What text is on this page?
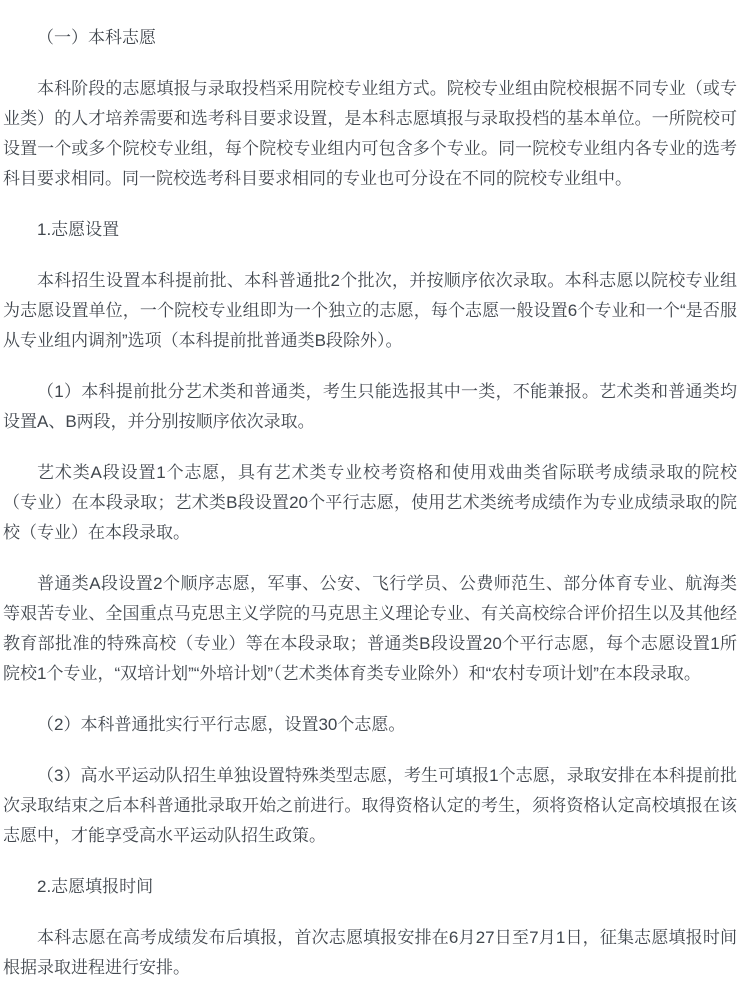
（一）本科志愿

本科阶段的志愿填报与录取投档采用院校专业组方式。院校专业组由院校根据不同专业（或专业类）的人才培养需要和选考科目要求设置，是本科志愿填报与录取投档的基本单位。一所院校可设置一个或多个院校专业组，每个院校专业组内可包含多个专业。同一院校专业组内各专业的选考科目要求相同。同一院校选考科目要求相同的专业也可分设在不同的院校专业组中。

1.志愿设置

本科招生设置本科提前批、本科普通批2个批次，并按顺序依次录取。本科志愿以院校专业组为志愿设置单位，一个院校专业组即为一个独立的志愿，每个志愿一般设置6个专业和一个“是否服从专业组内调剂”选项（本科提前批普通类B段除外）。

（1）本科提前批分艺术类和普通类，考生只能选报其中一类，不能兼报。艺术类和普通类均设置A、B两段，并分别按顺序依次录取。

艺术类A段设置1个志愿，具有艺术类专业校考资格和使用戏曲类省际联考成绩录取的院校（专业）在本段录取；艺术类B段设置20个平行志愿，使用艺术类统考成绩作为专业成绩录取的院校（专业）在本段录取。

普通类A段设置2个顺序志愿，军事、公安、飞行学员、公费师范生、部分体育专业、航海类等艰苦专业、全国重点马克思主义学院的马克思主义理论专业、有关高校综合评价招生以及其他经教育部批准的特殊高校（专业）等在本段录取；普通类B段设置20个平行志愿，每个志愿设置1所院校1个专业，“双培计划”“外培计划”（艺术类体育类专业除外）和“农村专项计划”在本段录取。

（2）本科普通批实行平行志愿，设置30个志愿。

（3）高水平运动队招生单独设置特殊类型志愿，考生可填报1个志愿，录取安排在本科提前批次录取结束之后本科普通批录取开始之前进行。取得资格认定的考生，须将资格认定高校填报在该志愿中，才能享受高水平运动队招生政策。

2.志愿填报时间

本科志愿在高考成绩发布后填报，首次志愿填报安排在6月27日至7月1日，征集志愿填报时间根据录取进程进行安排。
